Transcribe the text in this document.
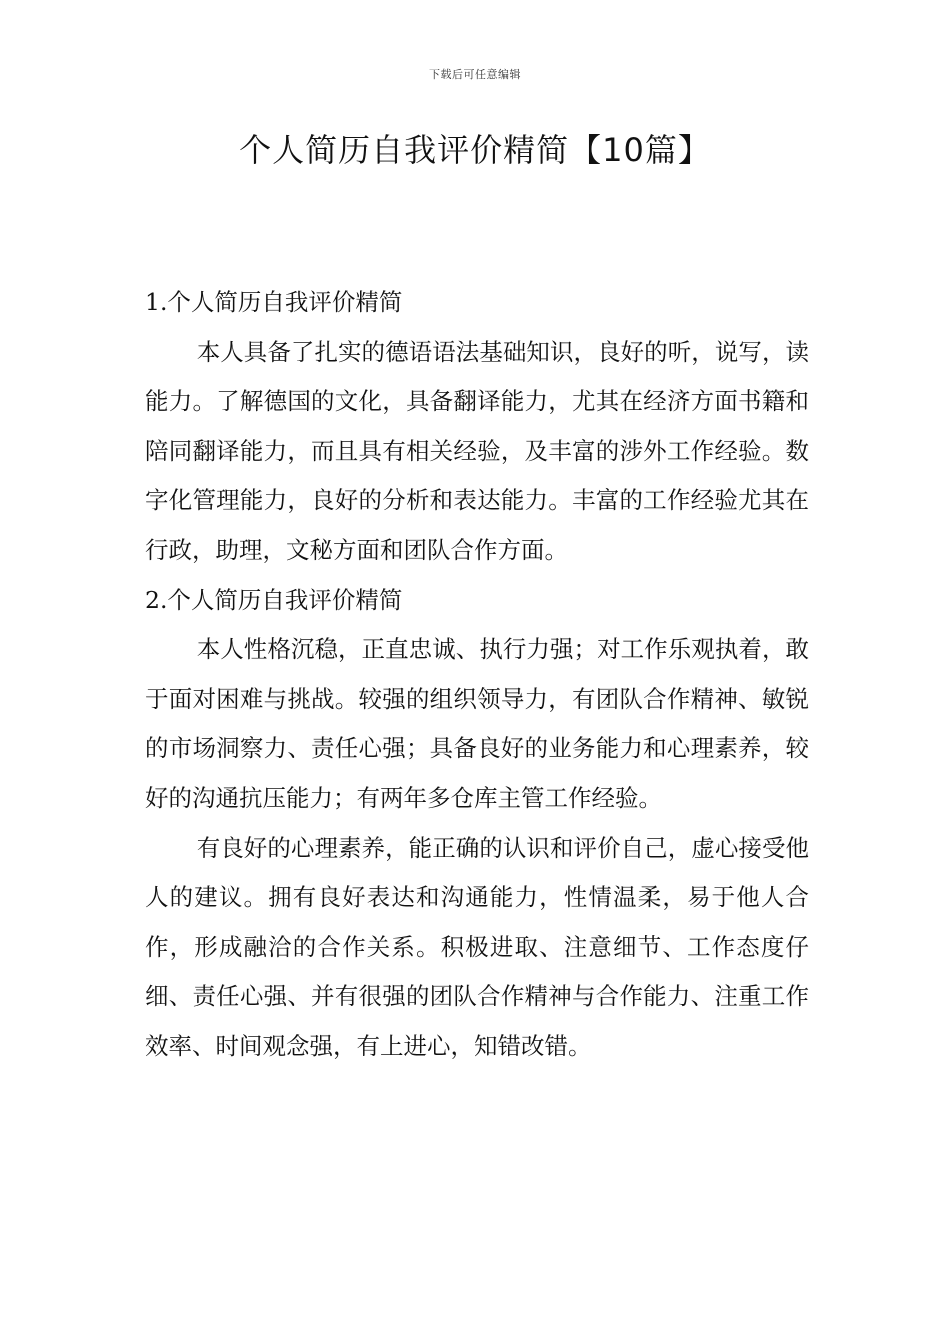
下载后可任意编辑
个人简历自我评价精简【10篇】
1.个人简历自我评价精简

本人具备了扎实的德语语法基础知识，良好的听，说写，读能力。了解德国的文化，具备翻译能力，尤其在经济方面书籍和陪同翻译能力，而且具有相关经验，及丰富的涉外工作经验。数字化管理能力，良好的分析和表达能力。丰富的工作经验尤其在行政，助理，文秘方面和团队合作方面。

2.个人简历自我评价精简

本人性格沉稳，正直忠诚、执行力强；对工作乐观执着，敢于面对困难与挑战。较强的组织领导力，有团队合作精神、敏锐的市场洞察力、责任心强；具备良好的业务能力和心理素养，较好的沟通抗压能力；有两年多仓库主管工作经验。

有良好的心理素养，能正确的认识和评价自己，虚心接受他人的建议。拥有良好表达和沟通能力，性情温柔，易于他人合作，形成融洽的合作关系。积极进取、注意细节、工作态度仔细、责任心强、并有很强的团队合作精神与合作能力、注重工作效率、时间观念强，有上进心，知错改错。
